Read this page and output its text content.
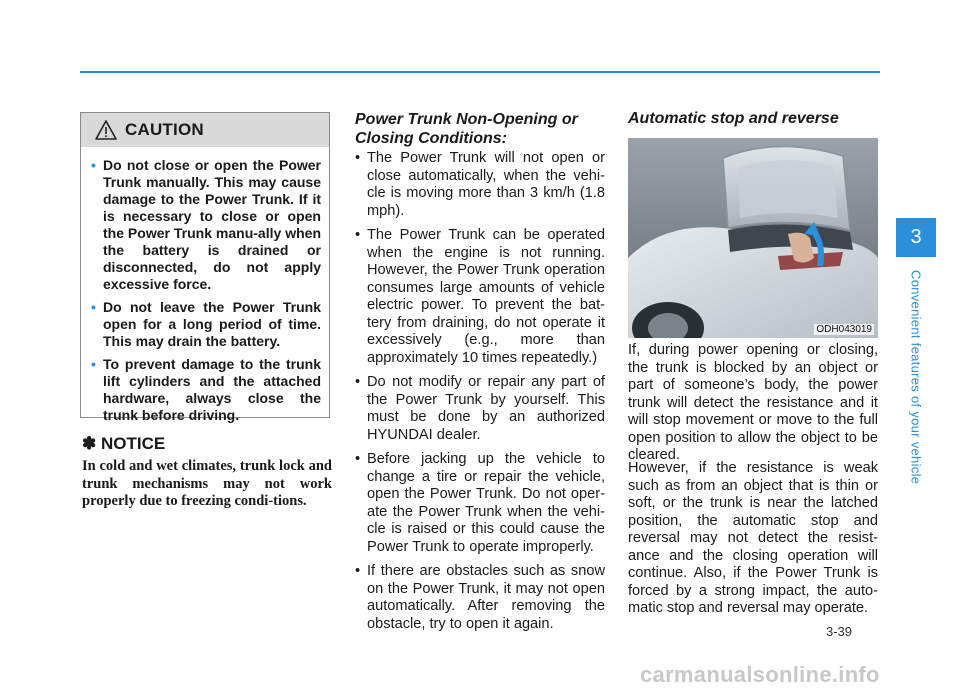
CAUTION
• Do not close or open the Power Trunk manually. This may cause damage to the Power Trunk. If it is necessary to close or open the Power Trunk manu-ally when the battery is drained or disconnected, do not apply excessive force.
• Do not leave the Power Trunk open for a long period of time. This may drain the battery.
• To prevent damage to the trunk lift cylinders and the attached hardware, always close the trunk before driving.
✽ NOTICE
In cold and wet climates, trunk lock and trunk mechanisms may not work properly due to freezing condi-tions.
Power Trunk Non-Opening or Closing Conditions:
• The Power Trunk will not open or close automatically, when the vehi-cle is moving more than 3 km/h (1.8 mph).
• The Power Trunk can be operated when the engine is not running. However, the Power Trunk operation consumes large amounts of vehicle electric power. To prevent the bat-tery from draining, do not operate it excessively (e.g., more than approximately 10 times repeatedly.)
• Do not modify or repair any part of the Power Trunk by yourself. This must be done by an authorized HYUNDAI dealer.
• Before jacking up the vehicle to change a tire or repair the vehicle, open the Power Trunk. Do not oper-ate the Power Trunk when the vehi-cle is raised or this could cause the Power Trunk to operate improperly.
• If there are obstacles such as snow on the Power Trunk, it may not open automatically. After removing the obstacle, try to open it again.
Automatic stop and reverse
ODH043019

If, during power opening or closing, the trunk is blocked by an object or part of someone’s body, the power trunk will detect the resistance and it will stop movement or move to the full open position to allow the object to be cleared.

However, if the resistance is weak such as from an object that is thin or soft, or the trunk is near the latched position, the automatic stop and reversal may not detect the resist-ance and the closing operation will continue. Also, if the Power Trunk is forced by a strong impact, the auto-matic stop and reversal may operate.

3
Convenient features of your vehicle
3-39
carmanualsonline.info
